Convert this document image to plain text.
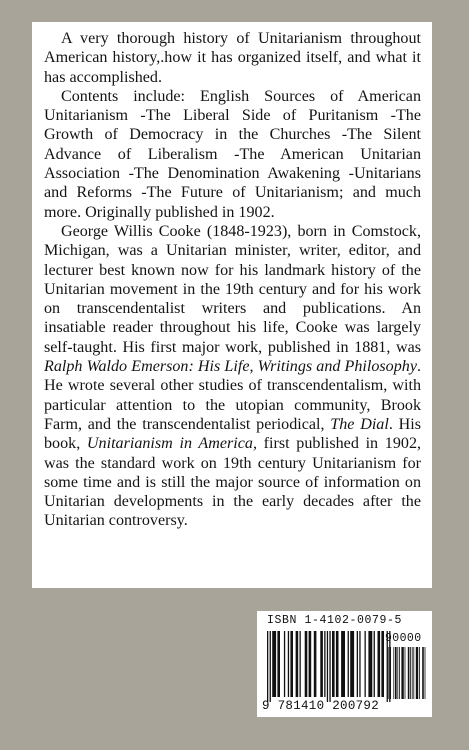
A very thorough history of Unitarianism throughout American history,.how it has organized itself, and what it has accomplished.

Contents include: English Sources of American Unitarianism -The Liberal Side of Puritanism -The Growth of Democracy in the Churches -The Silent Advance of Liberalism -The American Unitarian Association -The Denomination Awakening -Unitarians and Reforms -The Future of Unitarianism; and much more. Originally published in 1902.

George Willis Cooke (1848-1923), born in Comstock, Michigan, was a Unitarian minister, writer, editor, and lecturer best known now for his landmark history of the Unitarian movement in the 19th century and for his work on transcendentalist writers and publications. An insatiable reader throughout his life, Cooke was largely self-taught. His first major work, published in 1881, was Ralph Waldo Emerson: His Life, Writings and Philosophy. He wrote several other studies of transcendentalism, with particular attention to the utopian community, Brook Farm, and the transcendentalist periodical, The Dial. His book, Unitarianism in America, first published in 1902, was the standard work on 19th century Unitarianism for some time and is still the major source of information on Unitarian developments in the early decades after the Unitarian controversy.

ISBN 1-4102-0079-5
90000
9 781410 200792
